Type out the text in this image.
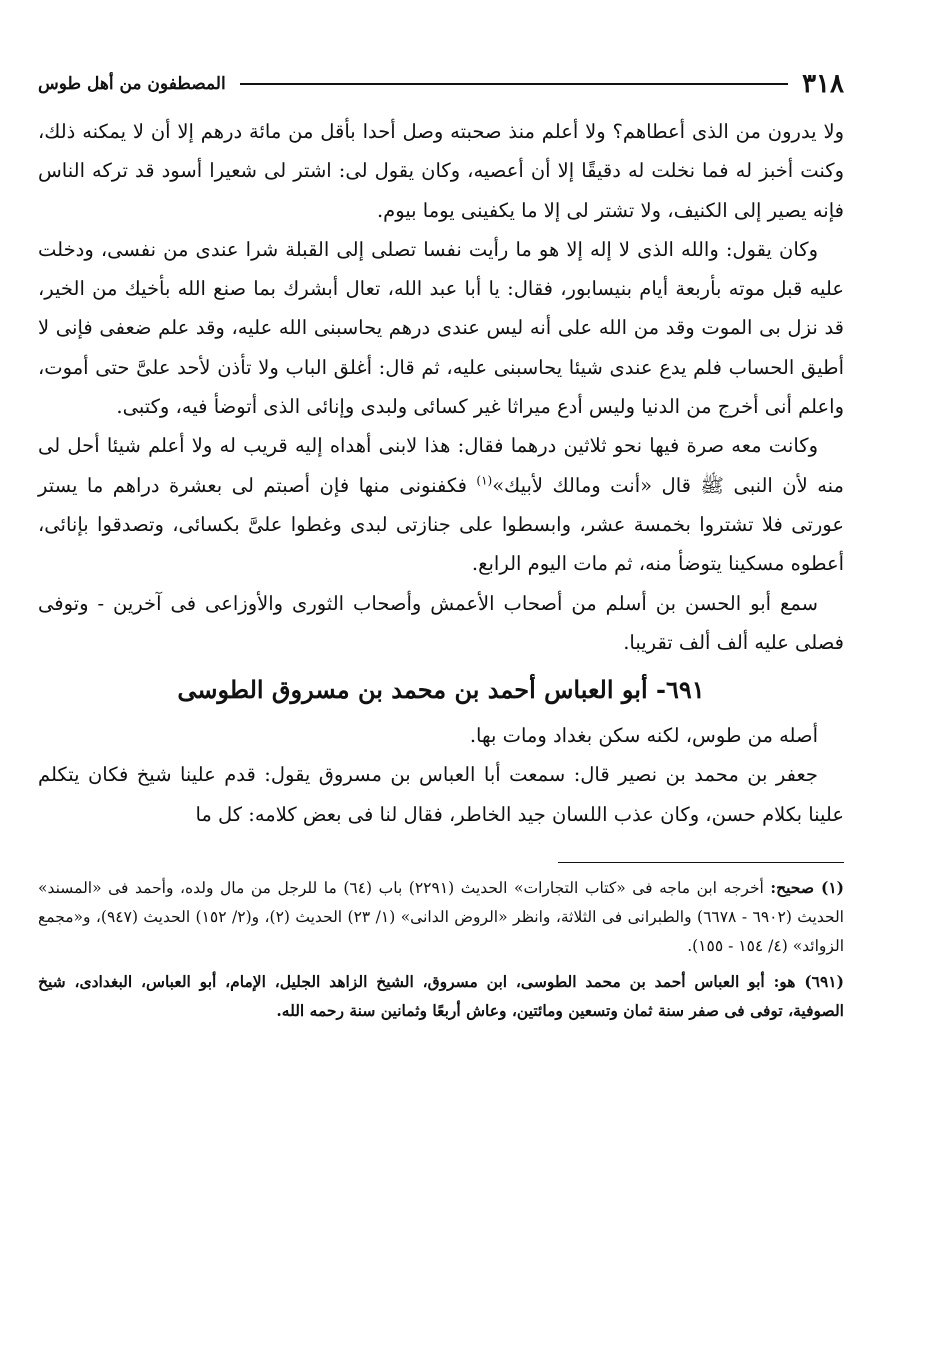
٣١٨
المصطفون من أهل طوس

ولا يدرون من الذى أعطاهم؟ ولا أعلم منذ صحبته وصل أحدا بأقل من مائة درهم إلا أن لا يمكنه ذلك، وكنت أخبز له فما نخلت له دقيقًا إلا أن أعصيه، وكان يقول لى: اشتر لى شعيرا أسود قد تركه الناس فإنه يصير إلى الكنيف، ولا تشتر لى إلا ما يكفينى يوما بيوم.

وكان يقول: والله الذى لا إله إلا هو ما رأيت نفسا تصلى إلى القبلة شرا عندى من نفسى، ودخلت عليه قبل موته بأربعة أيام بنيسابور، فقال: يا أبا عبد الله، تعال أبشرك بما صنع الله بأخيك من الخير، قد نزل بى الموت وقد من الله على أنه ليس عندى درهم يحاسبنى الله عليه، وقد علم ضعفى فإنى لا أطيق الحساب فلم يدع عندى شيئا يحاسبنى عليه، ثم قال: أغلق الباب ولا تأذن لأحد علىَّ حتى أموت، واعلم أنى أخرج من الدنيا وليس أدع ميراثا غير كسائى ولبدى وإنائى الذى أتوضأ فيه، وكتبى.

وكانت معه صرة فيها نحو ثلاثين درهما فقال: هذا لابنى أهداه إليه قريب له ولا أعلم شيئا أحل لى منه لأن النبى ﷺ قال «أنت ومالك لأبيك»$^{(١)}$ فكفنونى منها فإن أصبتم لى بعشرة دراهم ما يستر عورتى فلا تشتروا بخمسة عشر، وابسطوا على جنازتى لبدى وغطوا علىَّ بكسائى، وتصدقوا بإنائى، أعطوه مسكينا يتوضأ منه، ثم مات اليوم الرابع.

سمع أبو الحسن بن أسلم من أصحاب الأعمش وأصحاب الثورى والأوزاعى فى آخرين - وتوفى فصلى عليه ألف ألف تقريبا.

٦٩١- أبو العباس أحمد بن محمد بن مسروق الطوسى

أصله من طوس، لكنه سكن بغداد ومات بها.

جعفر بن محمد بن نصير قال: سمعت أبا العباس بن مسروق يقول: قدم علينا شيخ فكان يتكلم علينا بكلام حسن، وكان عذب اللسان جيد الخاطر، فقال لنا فى بعض كلامه: كل ما

(١) صحيح: أخرجه ابن ماجه فى «كتاب التجارات» الحديث (٢٢٩١) باب (٦٤) ما للرجل من مال ولده، وأحمد فى «المسند» الحديث (٦٩٠٢ - ٦٦٧٨) والطبرانى فى الثلاثة، وانظر «الروض الدانى» (١/ ٢٣) الحديث (٢)، و(٢/ ١٥٢) الحديث (٩٤٧)، و«مجمع الزوائد» (٤/ ١٥٤ - ١٥٥).

(٦٩١) هو: أبو العباس أحمد بن محمد الطوسى، ابن مسروق، الشيخ الزاهد الجليل، الإمام، أبو العباس، البغدادى، شيخ الصوفية، توفى فى صفر سنة ثمان وتسعين ومائتين، وعاش أربعًا وثمانين سنة رحمه الله.
